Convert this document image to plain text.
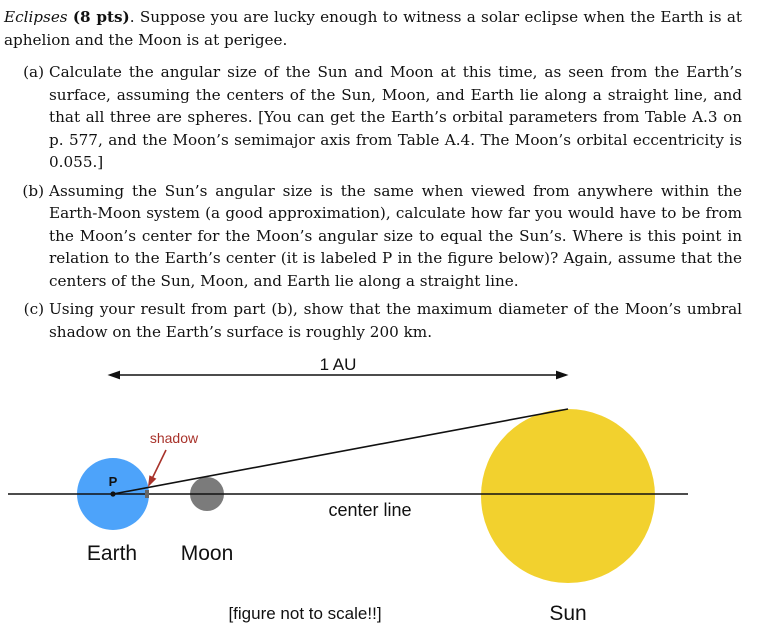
Eclipses (8 pts). Suppose you are lucky enough to witness a solar eclipse when the Earth is at aphelion and the Moon is at perigee.

(a) Calculate the angular size of the Sun and Moon at this time, as seen from the Earth’s surface, assuming the centers of the Sun, Moon, and Earth lie along a straight line, and that all three are spheres. [You can get the Earth’s orbital parameters from Table A.3 on p. 577, and the Moon’s semimajor axis from Table A.4. The Moon’s orbital eccentricity is 0.055.]
(b) Assuming the Sun’s angular size is the same when viewed from anywhere within the Earth-Moon system (a good approximation), calculate how far you would have to be from the Moon’s center for the Moon’s angular size to equal the Sun’s. Where is this point in relation to the Earth’s center (it is labeled P in the figure below)? Again, assume that the centers of the Sun, Moon, and Earth lie along a straight line.
(c) Using your result from part (b), show that the maximum diameter of the Moon’s umbral shadow on the Earth’s surface is roughly 200 km.
1 AU
P
shadow
center line
Earth Moon
[figure not to scale!!]	Sun
